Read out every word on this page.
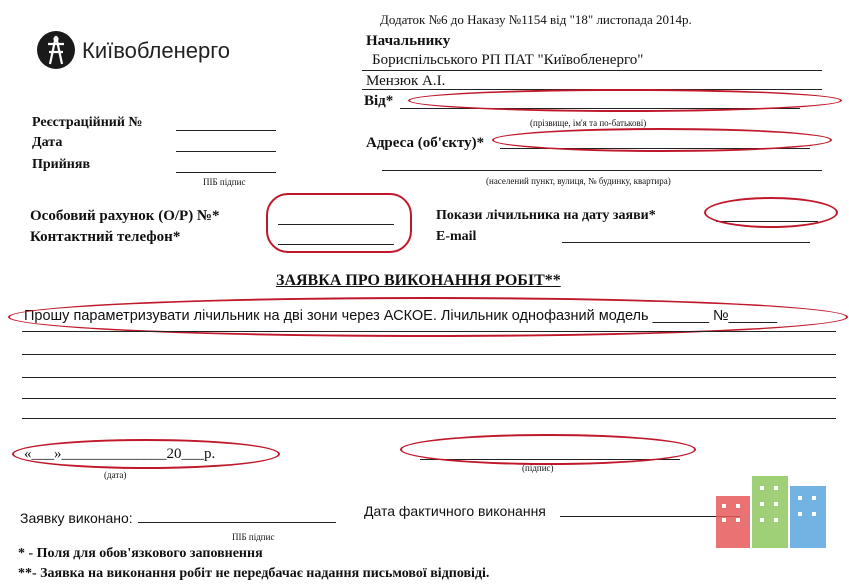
Київобленерго
Додаток №6 до Наказу №1154 від "18" листопада 2014р.
Начальнику
Бориспільського РП ПАТ "Київобленерго"
Мензюк А.І.
Від*
(прізвище, ім'я та по-батькові)
Адреса (об'єкту)*
(населений пункт, вулиця, № будинку, квартира)
Реєстраційний №
Дата
Прийняв
ПІБ підпис
Особовий рахунок (О/Р) №*
Контактний телефон*
Покази лічильника на дату заяви*
E-mail
ЗАЯВКА ПРО ВИКОНАННЯ РОБІТ**
Прошу параметризувати лічильник на дві зони через АСКОЕ. Лічильник однофазний модель _______ №______
«___»______________20___р.
(дата)
(підпис)
Заявку виконано:
ПІБ підпис
Дата фактичного виконання
* - Поля для обов'язкового заповнення
**- Заявка на виконання робіт не передбачає надання письмової відповіді.
